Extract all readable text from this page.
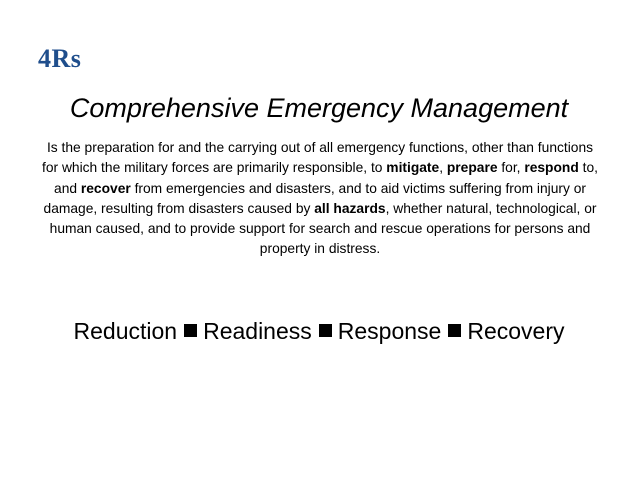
4Rs
Comprehensive Emergency Management
Is the preparation for and the carrying out of all emergency functions, other than functions for which the military forces are primarily responsible, to mitigate, prepare for, respond to, and recover from emergencies and disasters, and to aid victims suffering from injury or damage, resulting from disasters caused by all hazards, whether natural, technological, or human caused, and to provide support for search and rescue operations for persons and property in distress.
Reduction Readiness Response Recovery
